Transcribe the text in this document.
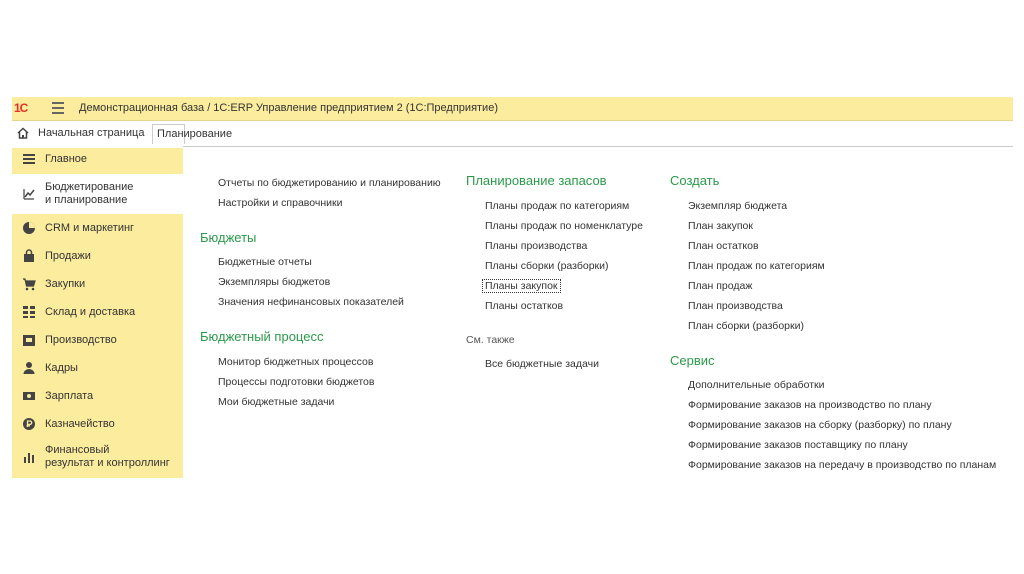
1С	Демонстрационная база / 1С:ERP Управление предприятием 2 (1С:Предприятие)
Начальная страница Планирование
Главное
Бюджетирование
и планирование
CRM и маркетинг
Продажи
Закупки
Склад и доставка
Производство
Кадры
Зарплата
Казначейство
Финансовый
результат и контроллинг
Отчеты по бюджетированию и планированию
Настройки и справочники
Бюджеты
Бюджетные отчеты
Экземпляры бюджетов
Значения нефинансовых показателей
Бюджетный процесс
Монитор бюджетных процессов
Процессы подготовки бюджетов
Мои бюджетные задачи
Планирование запасов
Планы продаж по категориям
Планы продаж по номенклатуре
Планы производства
Планы сборки (разборки)
Планы закупок
Планы остатков
См. также
Все бюджетные задачи
Создать
Экземпляр бюджета
План закупок
План остатков
План продаж по категориям
План продаж
План производства
План сборки (разборки)
Сервис
Дополнительные обработки
Формирование заказов на производство по плану
Формирование заказов на сборку (разборку) по плану
Формирование заказов поставщику по плану
Формирование заказов на передачу в производство по планам
